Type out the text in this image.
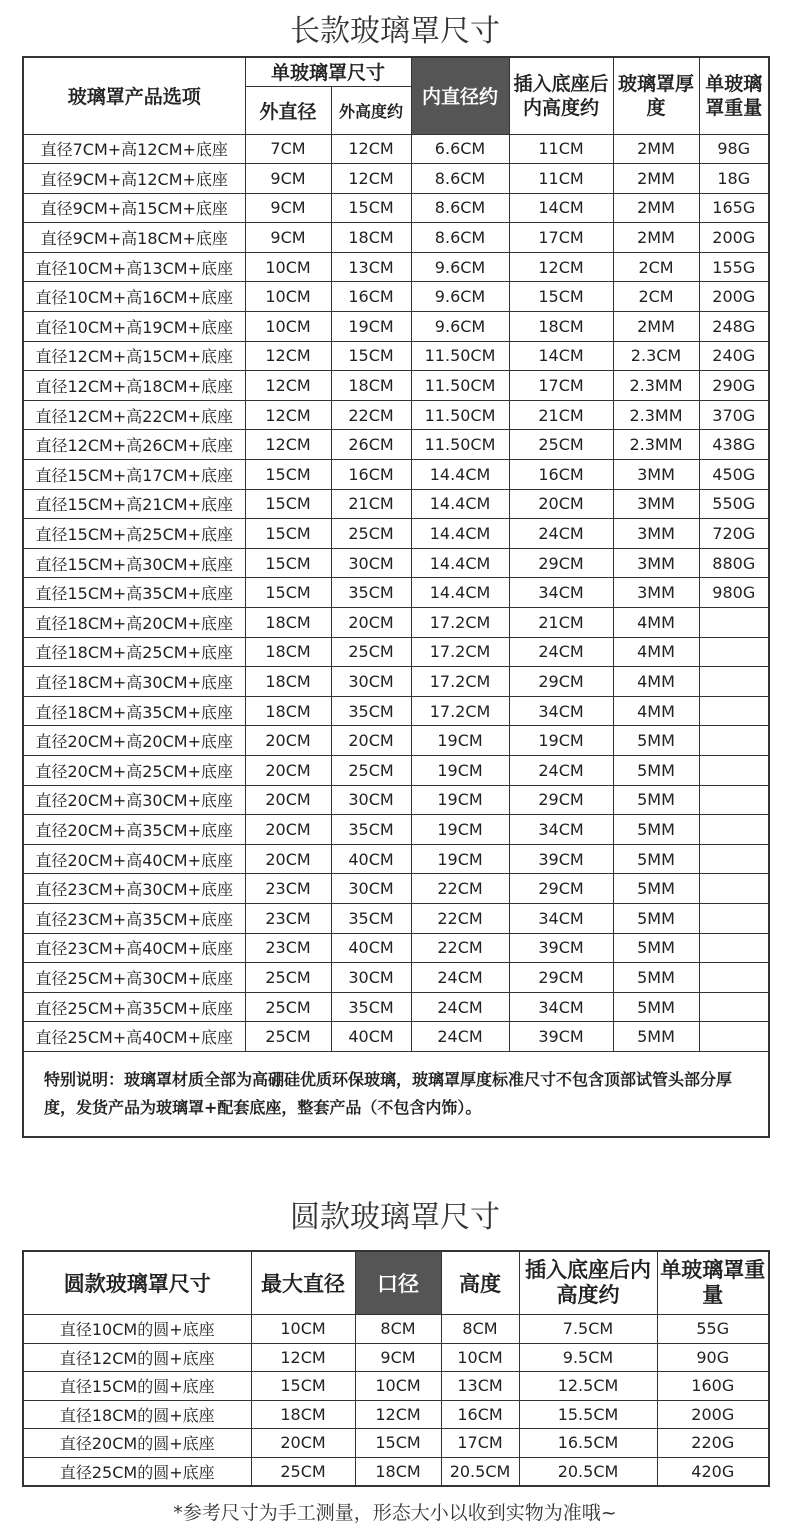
长款玻璃罩尺寸
玻璃罩产品选项	单玻璃罩尺寸		内直径约	插入底座后内高度约	玻璃罩厚度	单玻璃罩重量
	外直径	外高度约				
直径7CM+高12CM+底座	7CM	12CM	6.6CM	11CM	2MM	98G
直径9CM+高12CM+底座	9CM	12CM	8.6CM	11CM	2MM	18G
直径9CM+高15CM+底座	9CM	15CM	8.6CM	14CM	2MM	165G
直径9CM+高18CM+底座	9CM	18CM	8.6CM	17CM	2MM	200G
直径10CM+高13CM+底座	10CM	13CM	9.6CM	12CM	2CM	155G
直径10CM+高16CM+底座	10CM	16CM	9.6CM	15CM	2CM	200G
直径10CM+高19CM+底座	10CM	19CM	9.6CM	18CM	2MM	248G
直径12CM+高15CM+底座	12CM	15CM	11.50CM	14CM	2.3CM	240G
直径12CM+高18CM+底座	12CM	18CM	11.50CM	17CM	2.3MM	290G
直径12CM+高22CM+底座	12CM	22CM	11.50CM	21CM	2.3MM	370G
直径12CM+高26CM+底座	12CM	26CM	11.50CM	25CM	2.3MM	438G
直径15CM+高17CM+底座	15CM	16CM	14.4CM	16CM	3MM	450G
直径15CM+高21CM+底座	15CM	21CM	14.4CM	20CM	3MM	550G
直径15CM+高25CM+底座	15CM	25CM	14.4CM	24CM	3MM	720G
直径15CM+高30CM+底座	15CM	30CM	14.4CM	29CM	3MM	880G
直径15CM+高35CM+底座	15CM	35CM	14.4CM	34CM	3MM	980G
直径18CM+高20CM+底座	18CM	20CM	17.2CM	21CM	4MM	
直径18CM+高25CM+底座	18CM	25CM	17.2CM	24CM	4MM	
直径18CM+高30CM+底座	18CM	30CM	17.2CM	29CM	4MM	
直径18CM+高35CM+底座	18CM	35CM	17.2CM	34CM	4MM	
直径20CM+高20CM+底座	20CM	20CM	19CM	19CM	5MM	
直径20CM+高25CM+底座	20CM	25CM	19CM	24CM	5MM	
直径20CM+高30CM+底座	20CM	30CM	19CM	29CM	5MM	
直径20CM+高35CM+底座	20CM	35CM	19CM	34CM	5MM	
直径20CM+高40CM+底座	20CM	40CM	19CM	39CM	5MM	
直径23CM+高30CM+底座	23CM	30CM	22CM	29CM	5MM	
直径23CM+高35CM+底座	23CM	35CM	22CM	34CM	5MM	
直径23CM+高40CM+底座	23CM	40CM	22CM	39CM	5MM	
直径25CM+高30CM+底座	25CM	30CM	24CM	29CM	5MM	
直径25CM+高35CM+底座	25CM	35CM	24CM	34CM	5MM	
直径25CM+高40CM+底座	25CM	40CM	24CM	39CM	5MM	
特别说明：玻璃罩材质全部为高硼硅优质环保玻璃，玻璃罩厚度标准尺寸不包含顶部试管头部分厚度，发货产品为玻璃罩+配套底座，整套产品（不包含内饰）。						
圆款玻璃罩尺寸
圆款玻璃罩尺寸	最大直径	口径	高度	插入底座后内高度约	单玻璃罩重量
直径10CM的圆+底座	10CM	8CM	8CM	7.5CM	55G
直径12CM的圆+底座	12CM	9CM	10CM	9.5CM	90G
直径15CM的圆+底座	15CM	10CM	13CM	12.5CM	160G
直径18CM的圆+底座	18CM	12CM	16CM	15.5CM	200G
直径20CM的圆+底座	20CM	15CM	17CM	16.5CM	220G
直径25CM的圆+底座	25CM	18CM	20.5CM	20.5CM	420G
*参考尺寸为手工测量，形态大小以收到实物为准哦~
